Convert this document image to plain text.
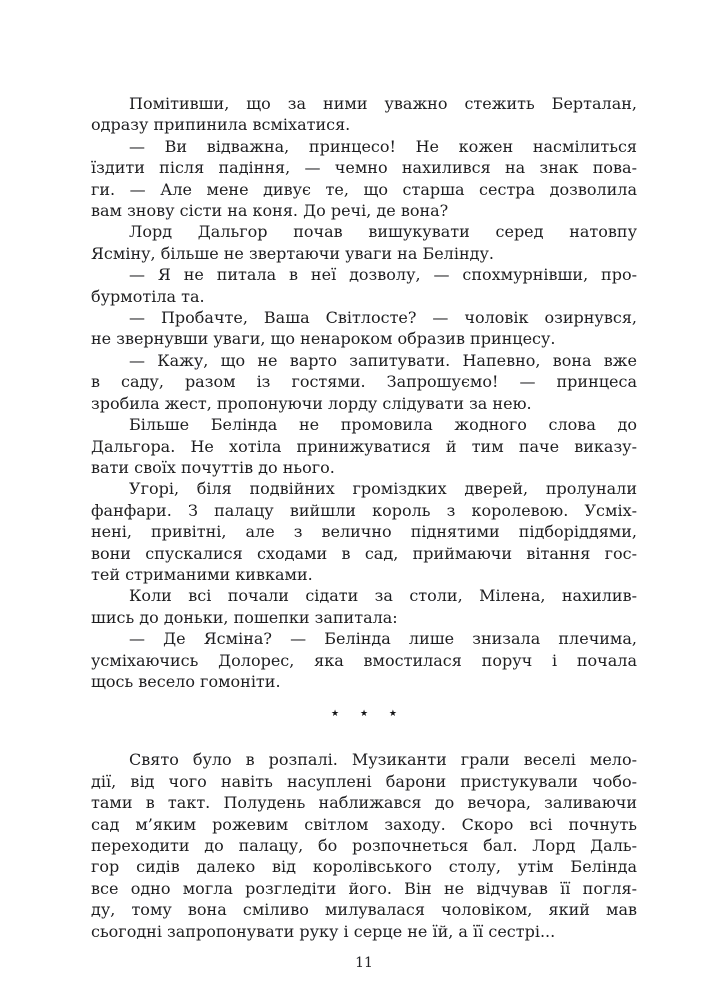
Помітивши, що за ними уважно стежить Берталан,
одразу припинила всміхатися.
— Ви відважна, принцесо! Не кожен насмілиться
їздити після падіння, — чемно нахилився на знак пова-
ги. — Але мене дивує те, що старша сестра дозволила
вам знову сісти на коня. До речі, де вона?
Лорд Дальгор почав вишукувати серед натовпу
Ясміну, більше не звертаючи уваги на Белінду.
— Я не питала в неї дозволу, — спохмурнівши, про-
бурмотіла та.
— Пробачте, Ваша Світлосте? — чоловік озирнувся,
не звернувши уваги, що ненароком образив принцесу.
— Кажу, що не варто запитувати. Напевно, вона вже
в саду, разом із гостями. Запрошуємо! — принцеса
зробила жест, пропонуючи лорду слідувати за нею.
Більше Белінда не промовила жодного слова до
Дальгора. Не хотіла принижуватися й тим паче виказу-
вати своїх почуттів до нього.
Угорі, біля подвійних громіздких дверей, пролунали
фанфари. З палацу вийшли король з королевою. Усміх-
нені, привітні, але з велично піднятими підборіддями,
вони спускалися сходами в сад, приймаючи вітання гос-
тей стриманими кивками.
Коли всі почали сідати за столи, Мілена, нахилив-
шись до доньки, пошепки запитала:
— Де Ясміна? — Белінда лише знизала плечима,
усміхаючись Долорес, яка вмостилася поруч і почала
щось весело гомоніти.
★ ★ ★
Свято було в розпалі. Музиканти грали веселі мело-
дії, від чого навіть насуплені барони пристукували чобо-
тами в такт. Полудень наближався до вечора, заливаючи
сад м’яким рожевим світлом заходу. Скоро всі почнуть
переходити до палацу, бо розпочнеться бал. Лорд Даль-
гор сидів далеко від королівського столу, утім Белінда
все одно могла розгледіти його. Він не відчував її погля-
ду, тому вона сміливо милувалася чоловіком, який мав
сьогодні запропонувати руку і серце не їй, а її сестрі...
11
